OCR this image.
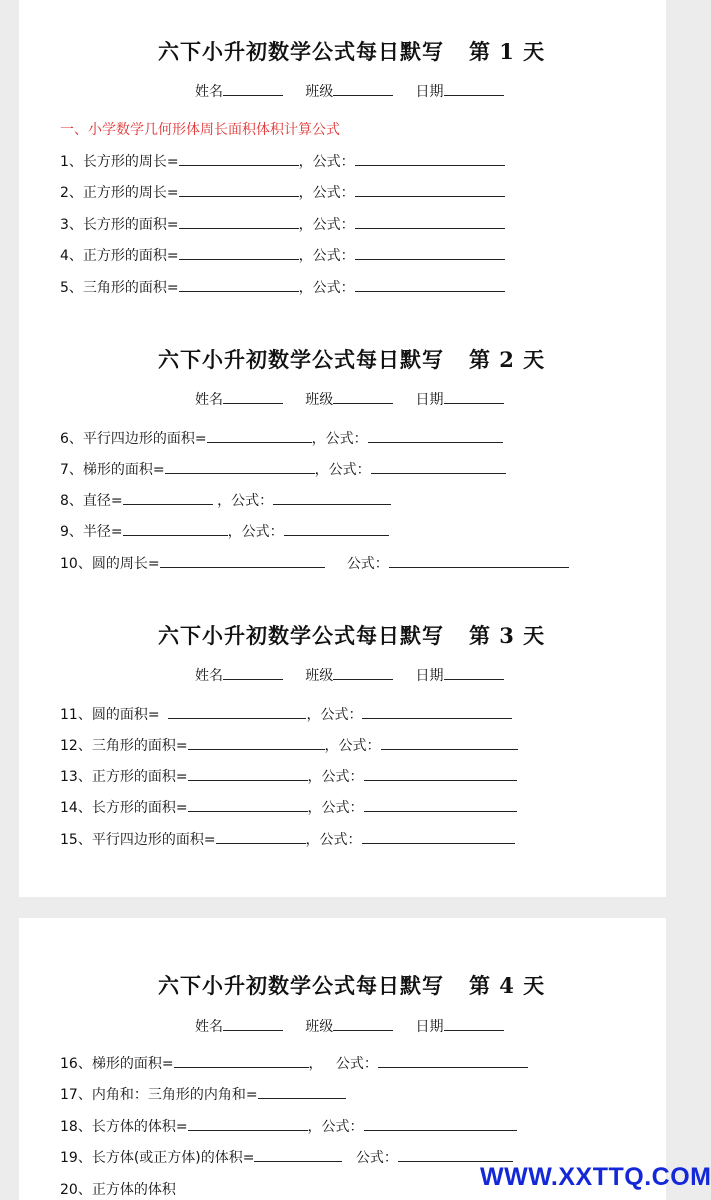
六下小升初数学公式每日默写 第 1 天
姓名	班级	日期
一、小学数学几何形体周长面积体积计算公式
1、长方形的周长=	，公式：
2、正方形的周长=	，公式：
3、长方形的面积=	，公式：
4、正方形的面积=	，公式：
5、三角形的面积=	，公式：
六下小升初数学公式每日默写 第 2 天
姓名	班级	日期
6、平行四边形的面积=	，公式：
7、梯形的面积=	，公式：
8、直径=	，公式：
9、半径=	，公式：
10、圆的周长=	公式：
六下小升初数学公式每日默写 第 3 天
姓名	班级	日期
11、圆的面积=	，公式：
12、三角形的面积=	，公式：
13、正方形的面积=	，公式：
14、长方形的面积=	，公式：
15、平行四边形的面积=	，公式：
六下小升初数学公式每日默写 第 4 天
姓名	班级	日期
16、梯形的面积=	，   公式：
17、内角和：三角形的内角和=
18、长方体的体积=	，公式：
19、长方体(或正方体)的体积=	公式：
20、正方体的体积	WWW.XXTTQ.COM
